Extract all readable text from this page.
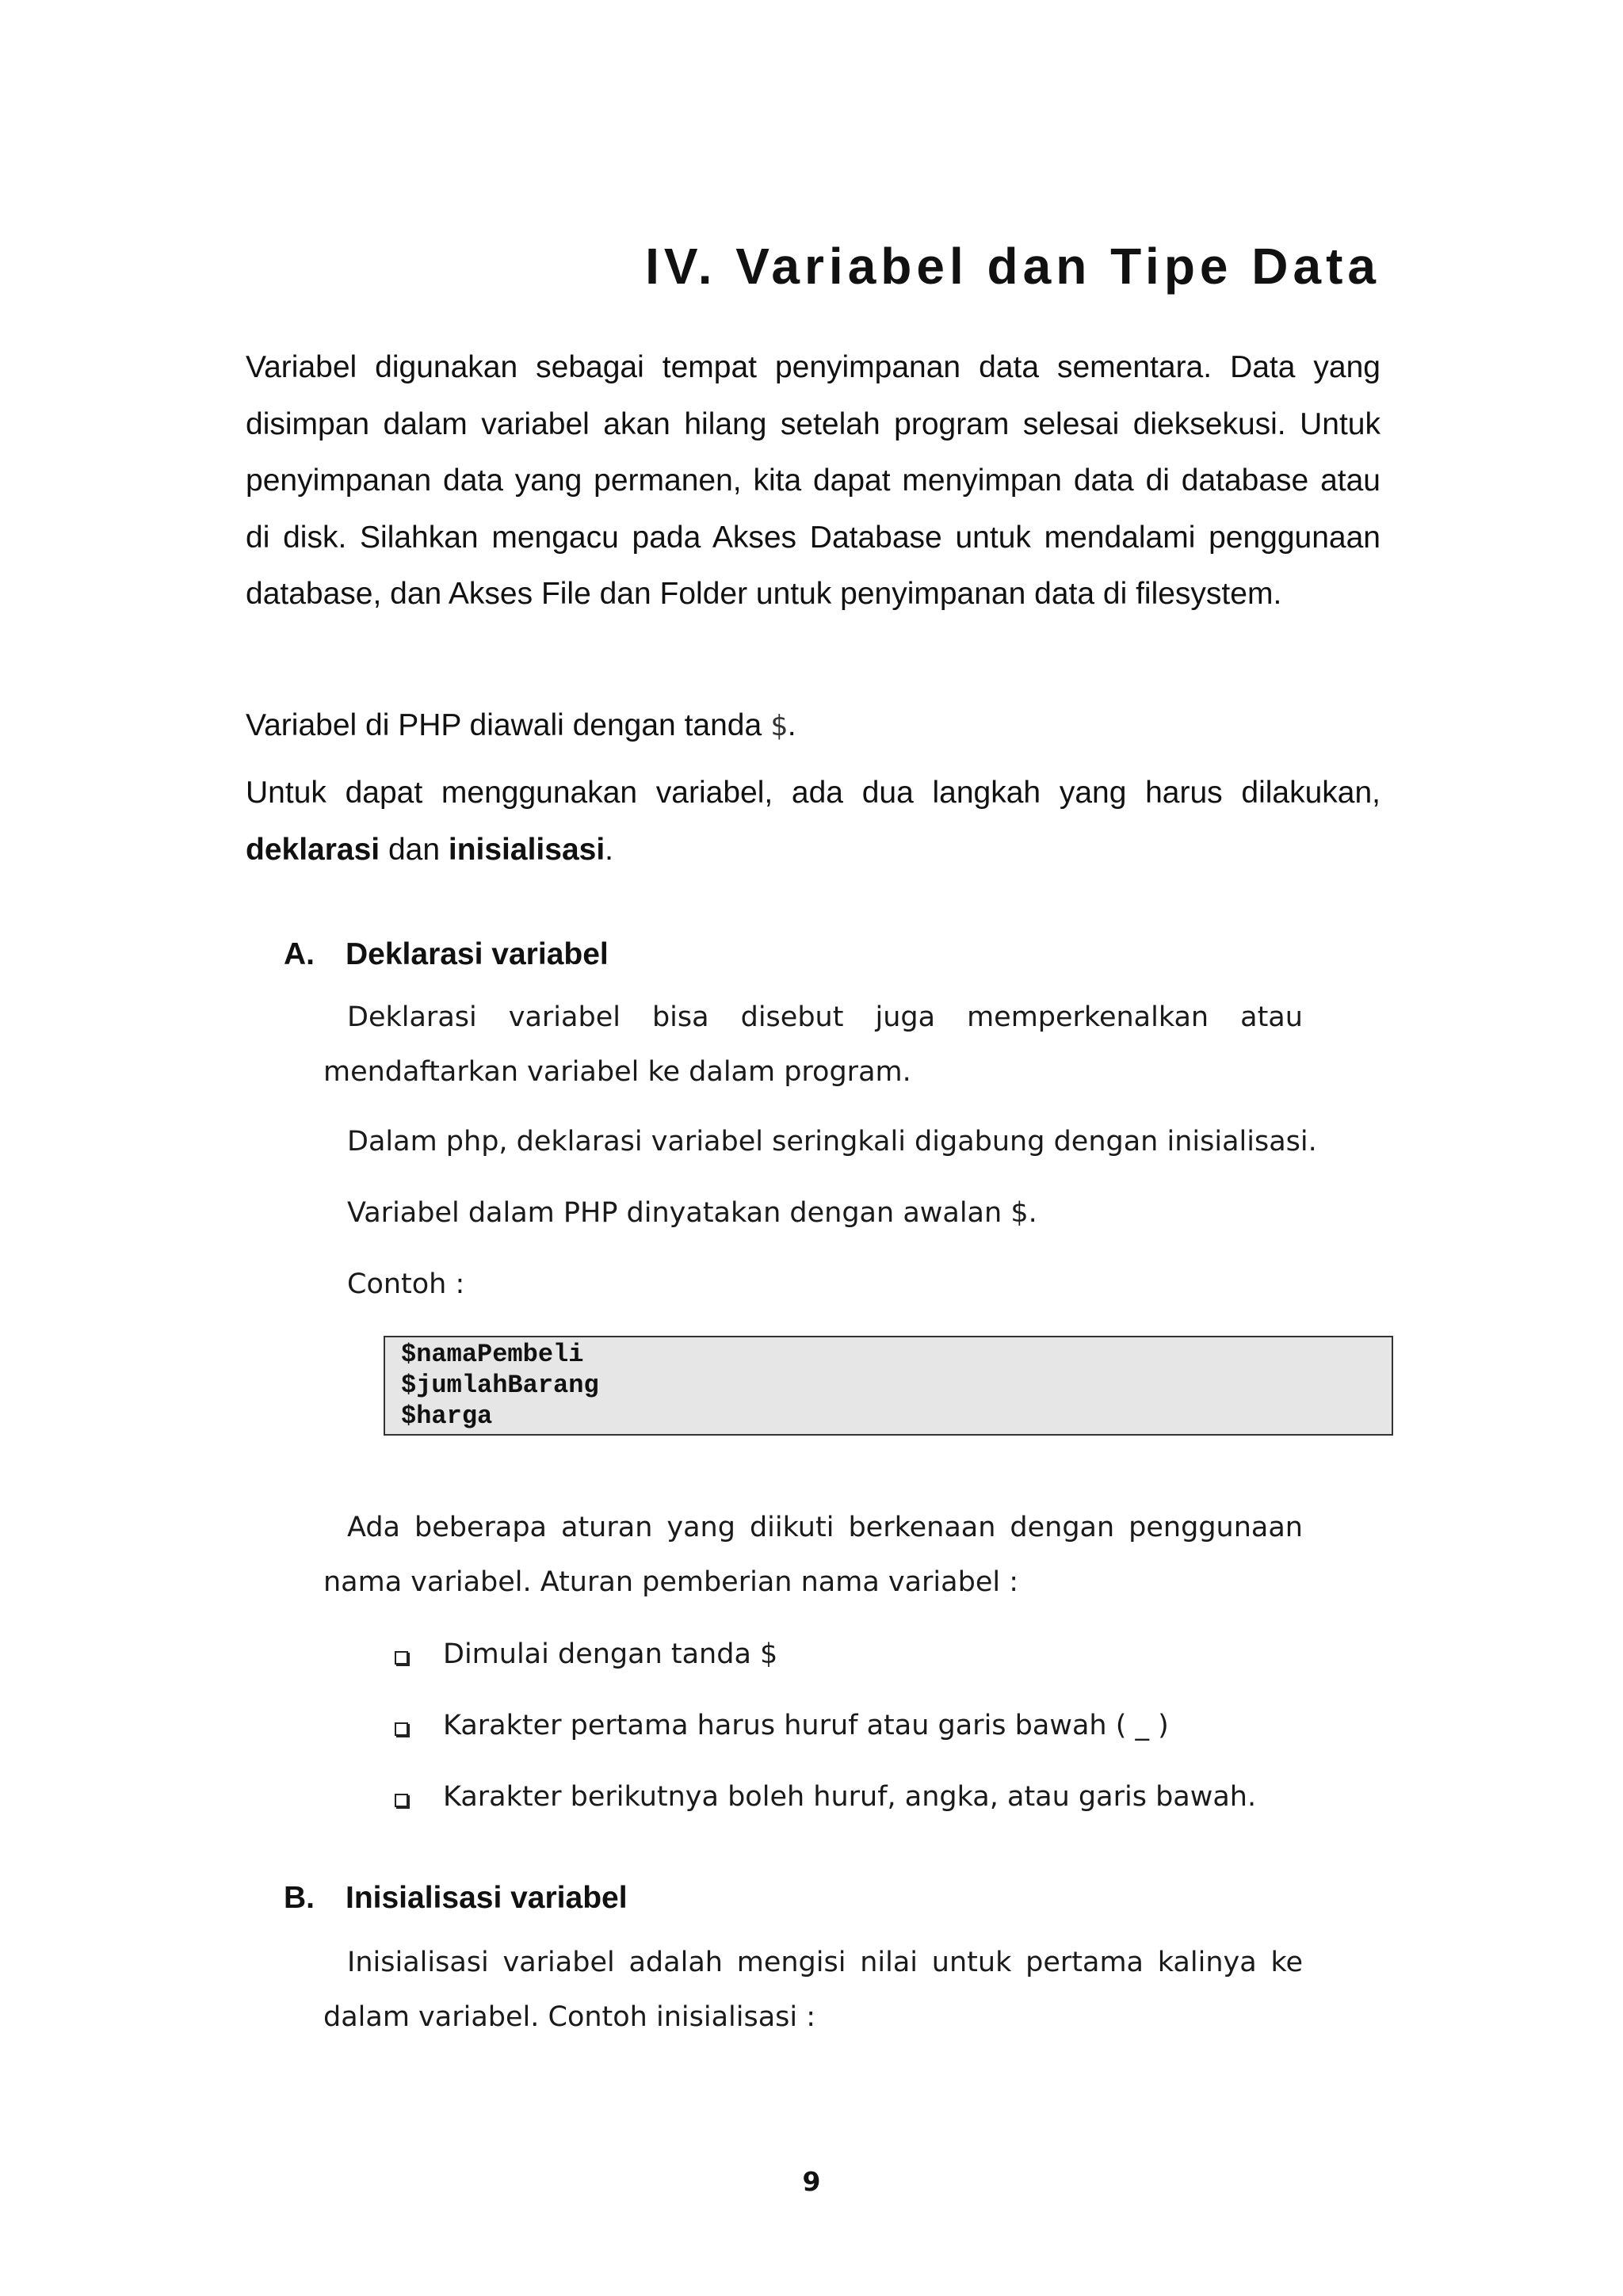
IV. Variabel dan Tipe Data

Variabel digunakan sebagai tempat penyimpanan data sementara. Data yang disimpan dalam variabel akan hilang setelah program selesai dieksekusi. Untuk penyimpanan data yang permanen, kita dapat menyimpan data di database atau di disk. Silahkan mengacu pada Akses Database untuk mendalami penggunaan database, dan Akses File dan Folder untuk penyimpanan data di filesystem.

Variabel di PHP diawali dengan tanda $.

Untuk dapat menggunakan variabel, ada dua langkah yang harus dilakukan, deklarasi dan inisialisasi.

A. Deklarasi variabel
Deklarasi variabel bisa disebut juga memperkenalkan atau
mendaftarkan variabel ke dalam program.

Dalam php, deklarasi variabel seringkali digabung dengan inisialisasi.

Variabel dalam PHP dinyatakan dengan awalan $.

Contoh :

$namaPembeli
$jumlahBarang
$harga

Ada beberapa aturan yang diikuti berkenaan dengan penggunaan nama variabel. Aturan pemberian nama variabel :

Dimulai dengan tanda $
Karakter pertama harus huruf atau garis bawah ( _ )
Karakter berikutnya boleh huruf, angka, atau garis bawah.
B. Inisialisasi variabel

Inisialisasi variabel adalah mengisi nilai untuk pertama kalinya ke dalam variabel. Contoh inisialisasi :

9
